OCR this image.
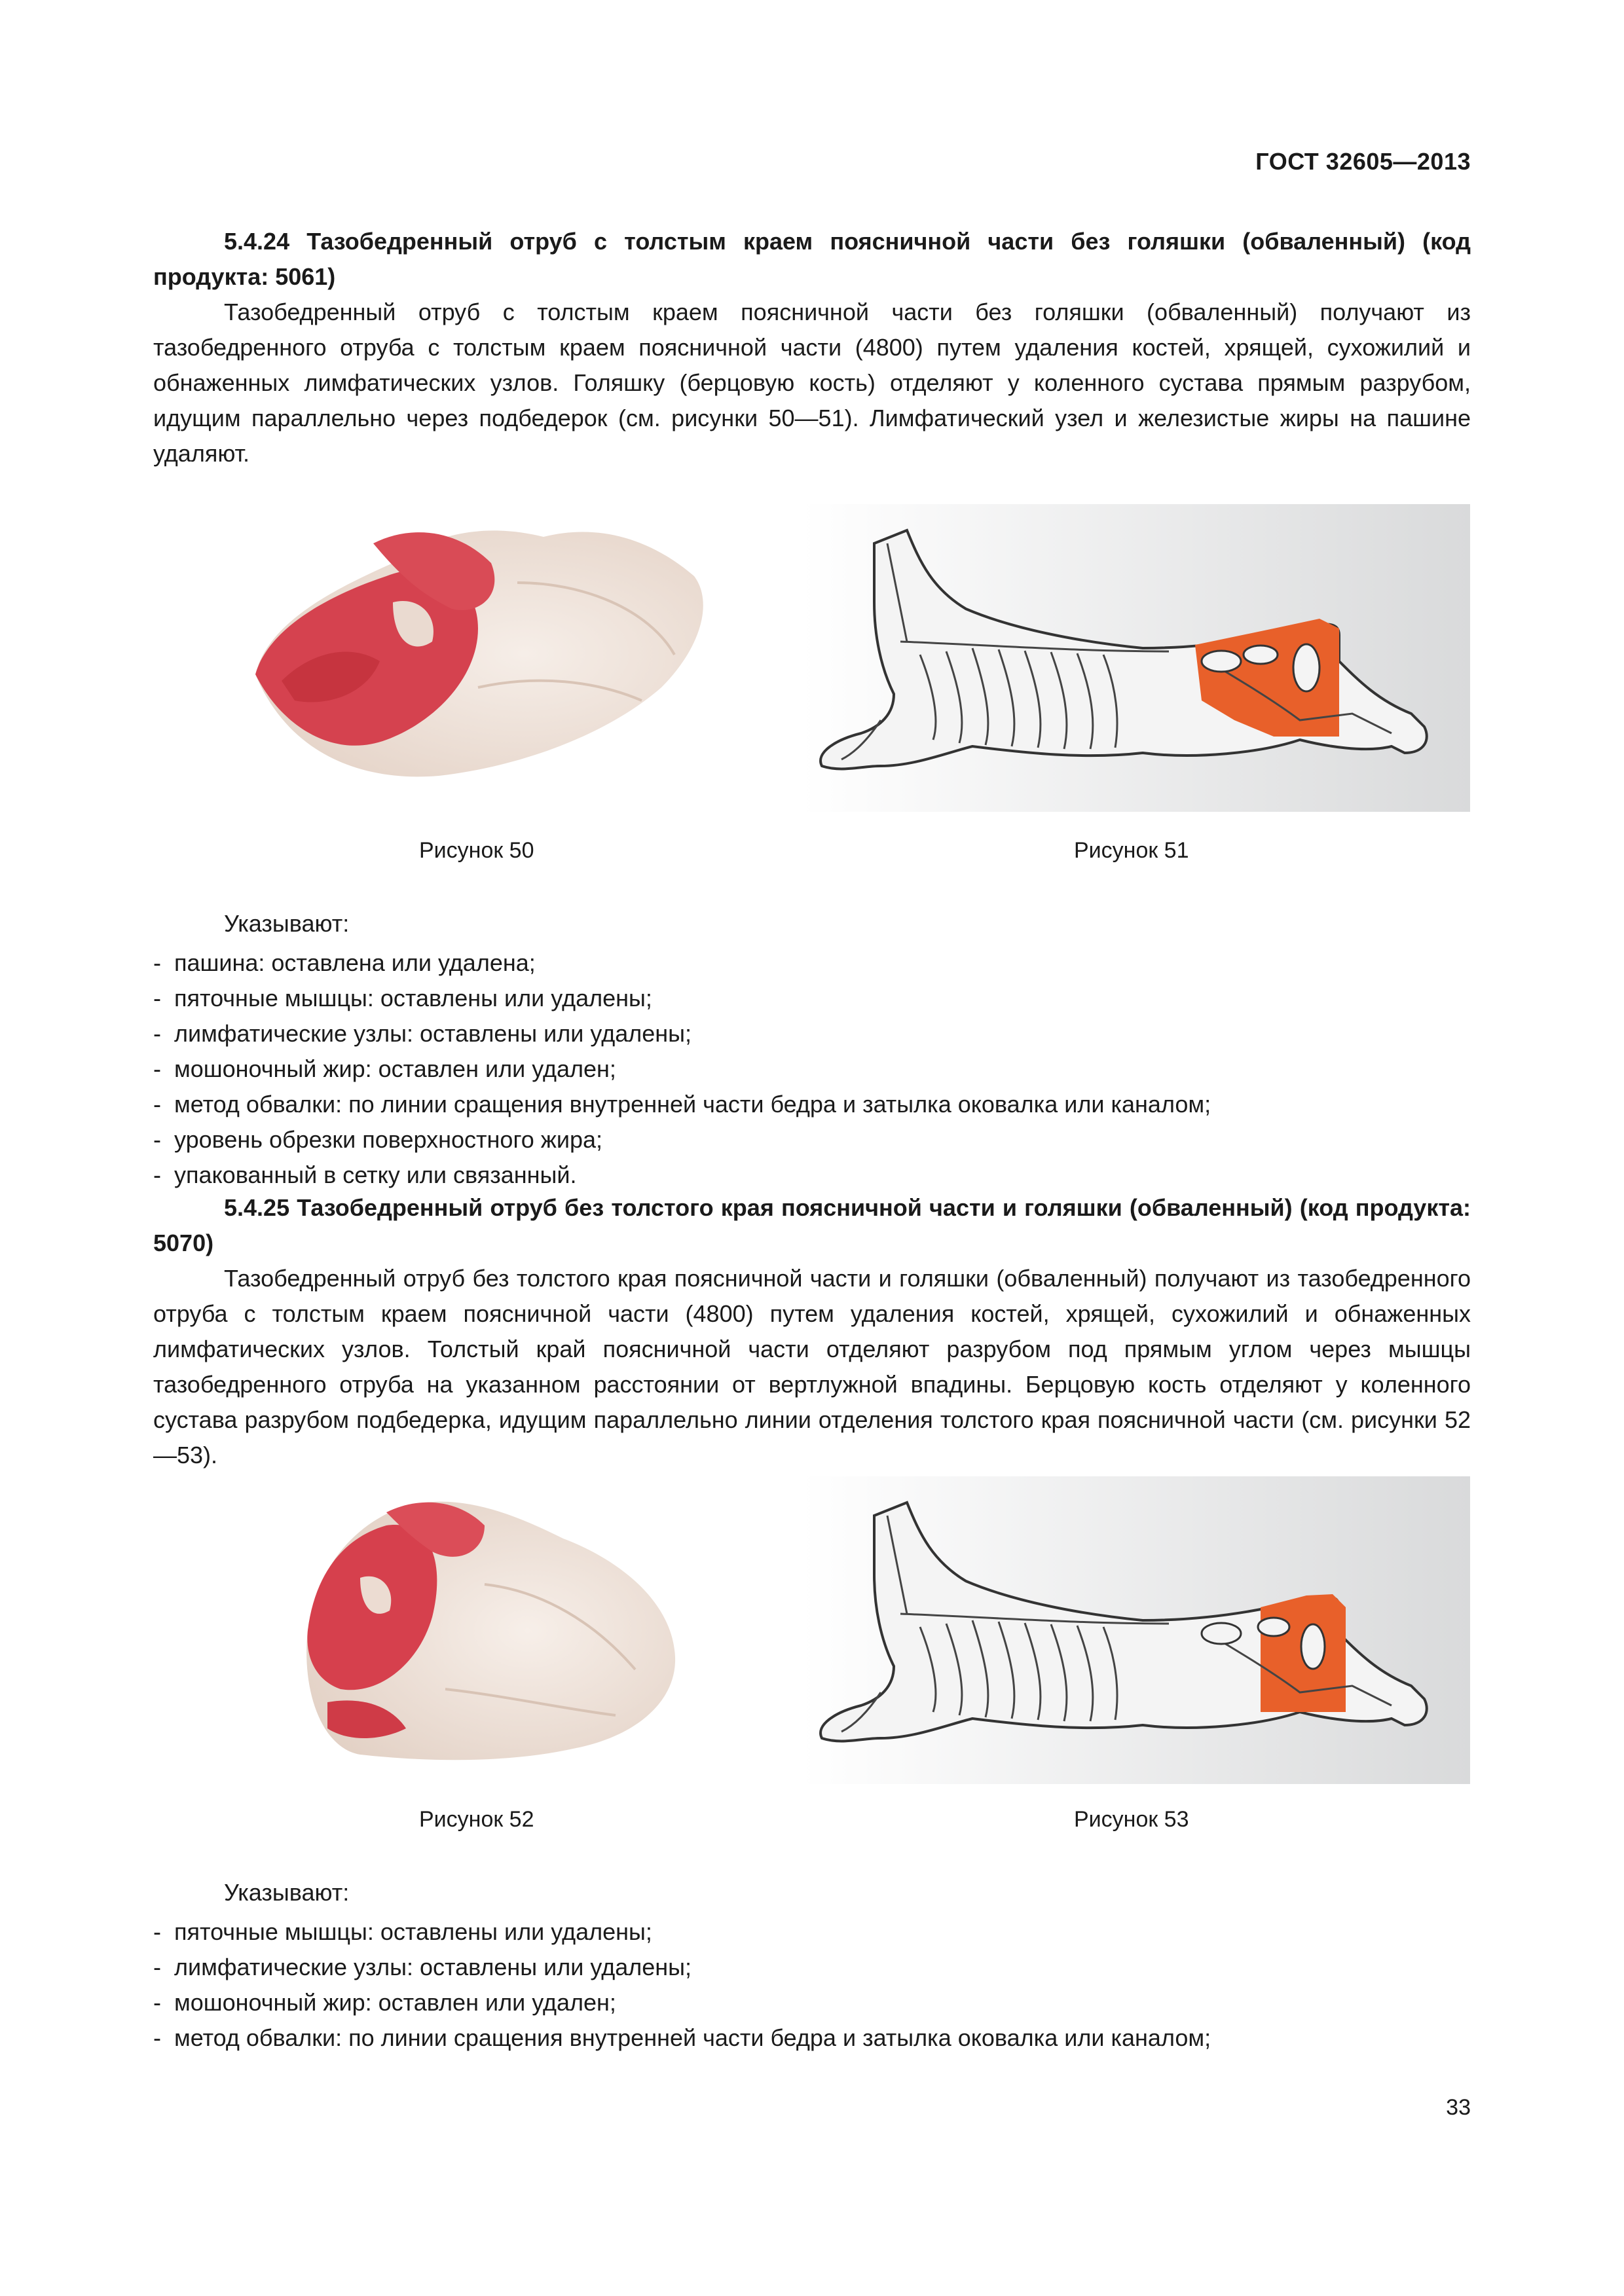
ГОСТ 32605—2013

5.4.24 Тазобедренный отруб с толстым краем поясничной части без голяшки (обваленный) (код продукта: 5061)

Тазобедренный отруб с толстым краем поясничной части без голяшки (обваленный) получают из тазобедренного отруба с толстым краем поясничной части (4800) путем удаления костей, хрящей, сухожилий и обнаженных лимфатических узлов. Голяшку (берцовую кость) отделяют у коленного сустава прямым разрубом, идущим параллельно через подбедерок (см. рисунки 50—51). Лимфатический узел и железистые жиры на пашине удаляют.

Рисунок 50	Рисунок 51
Указывают:
- пашина: оставлена или удалена;
- пяточные мышцы: оставлены или удалены;
- лимфатические узлы: оставлены или удалены;
- мошоночный жир: оставлен или удален;
- метод обвалки: по линии сращения внутренней части бедра и затылка оковалка или каналом;
- уровень обрезки поверхностного жира;
- упакованный в сетку или связанный.

5.4.25 Тазобедренный отруб без толстого края поясничной части и голяшки (обваленный) (код продукта: 5070)

Тазобедренный отруб без толстого края поясничной части и голяшки (обваленный) получают из тазобедренного отруба с толстым краем поясничной части (4800) путем удаления костей, хрящей, сухожилий и обнаженных лимфатических узлов. Толстый край поясничной части отделяют разрубом под прямым углом через мышцы тазобедренного отруба на указанном расстоянии от вертлужной впадины. Берцовую кость отделяют у коленного сустава разрубом подбедерка, идущим параллельно линии отделения толстого края поясничной части (см. рисунки 52—53).

Рисунок 52	Рисунок 53
Указывают:
- пяточные мышцы: оставлены или удалены;
- лимфатические узлы: оставлены или удалены;
- мошоночный жир: оставлен или удален;
- метод обвалки: по линии сращения внутренней части бедра и затылка оковалка или каналом;
33
